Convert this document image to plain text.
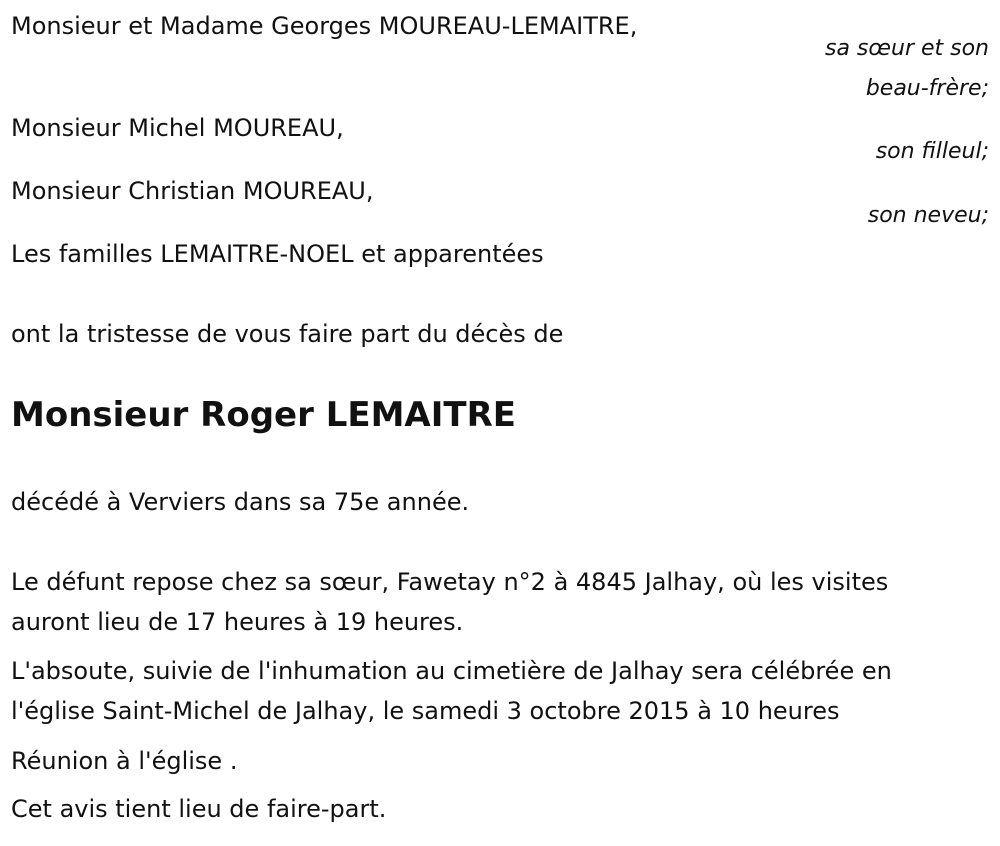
Monsieur et Madame Georges MOUREAU-LEMAITRE,
sa sœur et son
beau-frère;
Monsieur Michel MOUREAU,
son filleul;
Monsieur Christian MOUREAU,
son neveu;
Les familles LEMAITRE-NOEL et apparentées
ont la tristesse de vous faire part du décès de
Monsieur Roger LEMAITRE
décédé à Verviers dans sa 75e année.
Le défunt repose chez sa sœur, Fawetay n°2 à 4845 Jalhay, où les visites
auront lieu de 17 heures à 19 heures.
L'absoute, suivie de l'inhumation au cimetière de Jalhay sera célébrée en
l'église Saint-Michel de Jalhay, le samedi 3 octobre 2015 à 10 heures
Réunion à l'église .
Cet avis tient lieu de faire-part.
